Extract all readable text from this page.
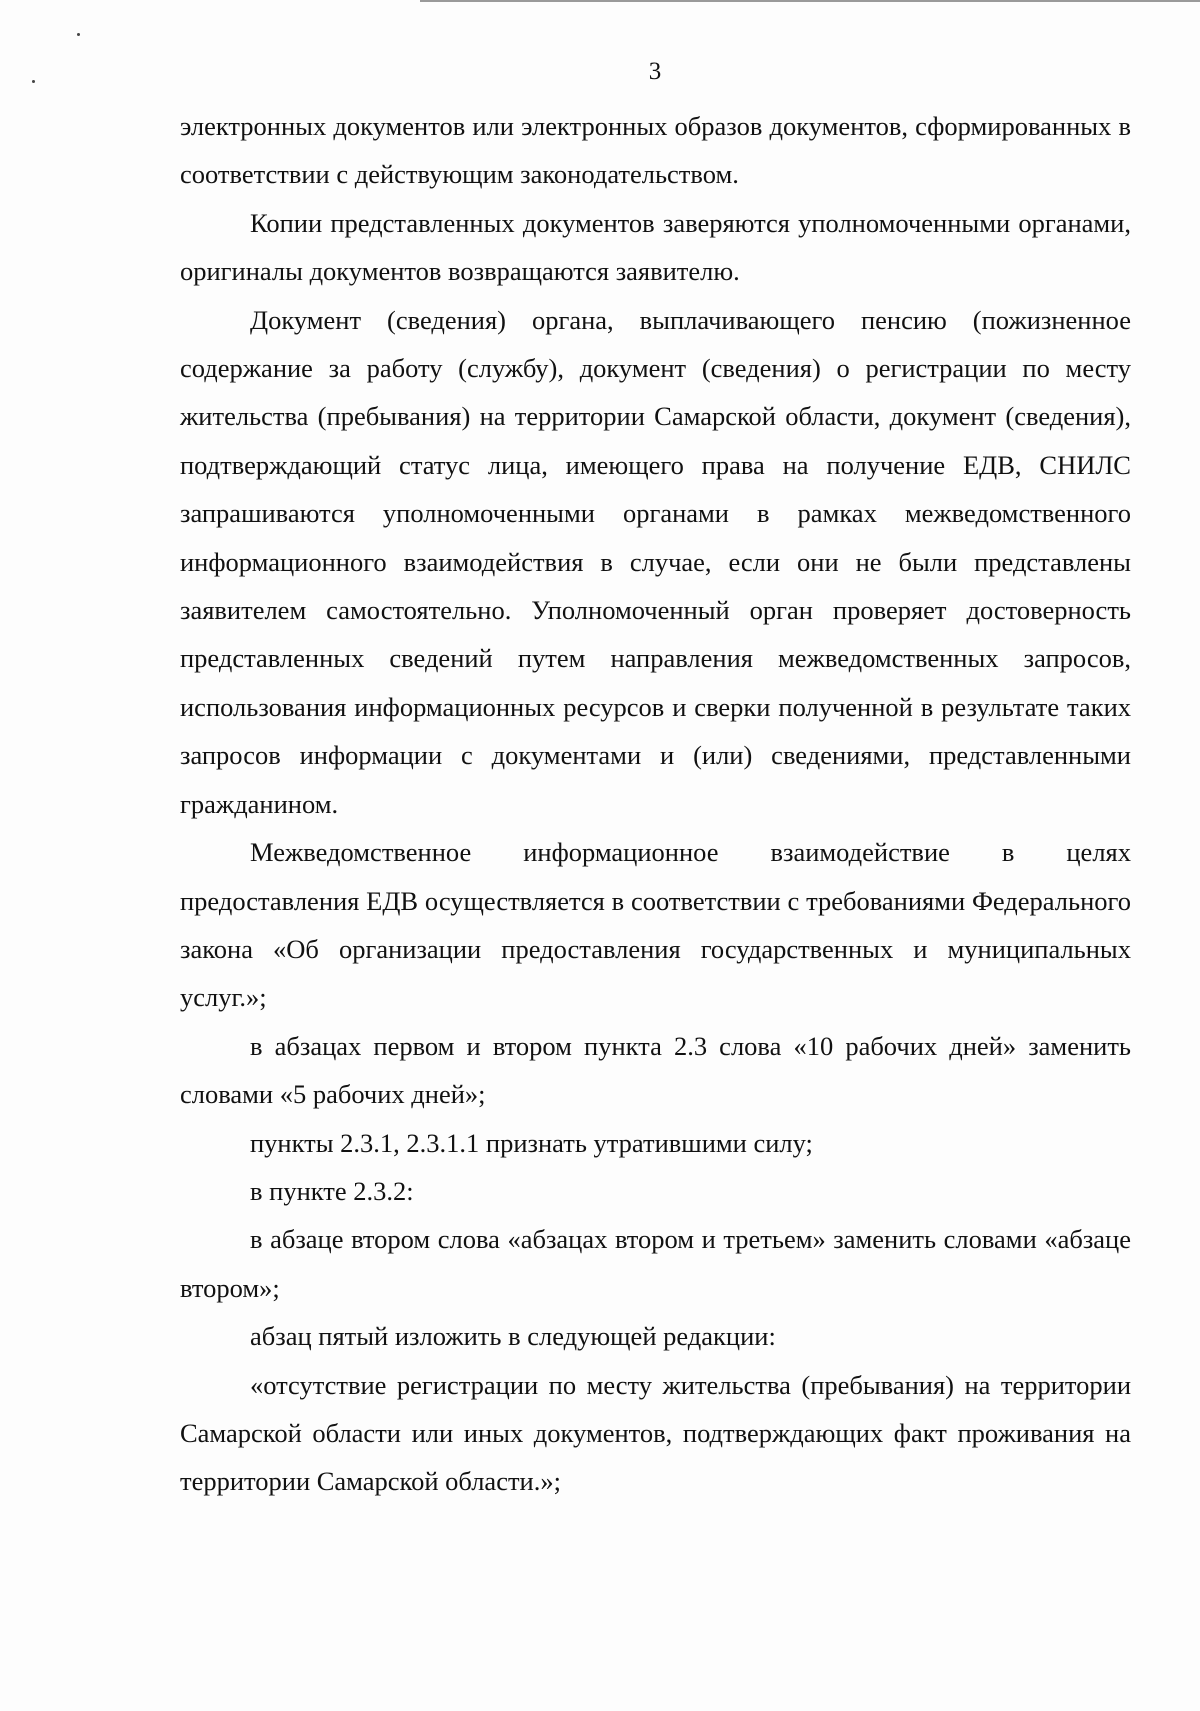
3

электронных документов или электронных образов документов, сформированных в соответствии с действующим законодательством.

Копии представленных документов заверяются уполномоченными органами, оригиналы документов возвращаются заявителю.

Документ (сведения) органа, выплачивающего пенсию (пожизненное содержание за работу (службу), документ (сведения) о регистрации по месту жительства (пребывания) на территории Самарской области, документ (сведения), подтверждающий статус лица, имеющего права на получение ЕДВ, СНИЛС запрашиваются уполномоченными органами в рамках межведомственного информационного взаимодействия в случае, если они не были представлены заявителем самостоятельно. Уполномоченный орган проверяет достоверность представленных сведений путем направления межведомственных запросов, использования информационных ресурсов и сверки полученной в результате таких запросов информации с документами и (или) сведениями, представленными гражданином.

Межведомственное информационное взаимодействие в целях предоставления ЕДВ осуществляется в соответствии с требованиями Федерального закона «Об организации предоставления государственных и муниципальных услуг.»;

в абзацах первом и втором пункта 2.3 слова «10 рабочих дней» заменить словами «5 рабочих дней»;

пункты 2.3.1, 2.3.1.1 признать утратившими силу;

в пункте 2.3.2:

в абзаце втором слова «абзацах втором и третьем» заменить словами «абзаце втором»;

абзац пятый изложить в следующей редакции:

«отсутствие регистрации по месту жительства (пребывания) на территории Самарской области или иных документов, подтверждающих факт проживания на территории Самарской области.»;
